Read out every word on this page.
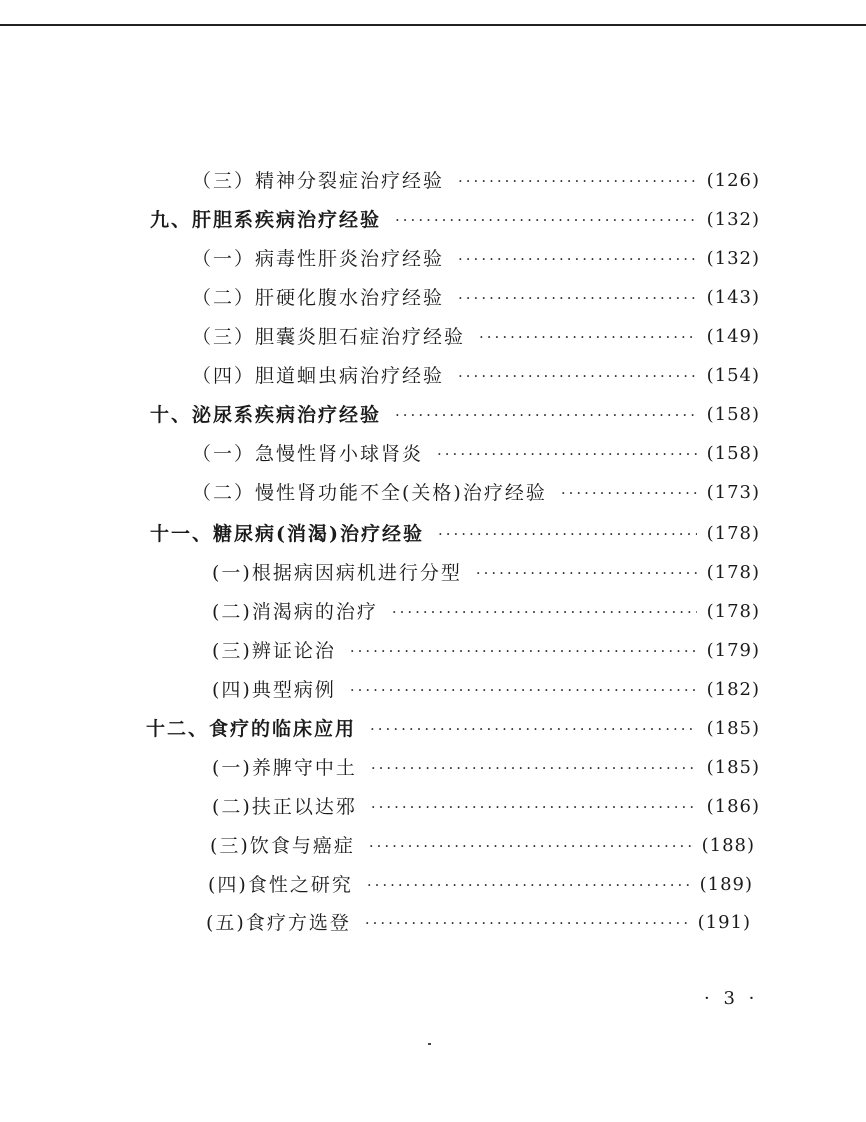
（三）精神分裂症治疗经验 ·····	(126)
九、肝胆系疾病治疗经验 ·····	(132)
（一）病毒性肝炎治疗经验 ·····	(132)
（二）肝硬化腹水治疗经验 ·····	(143)
（三）胆囊炎胆石症治疗经验 ·····	(149)
（四）胆道蛔虫病治疗经验 ·····	(154)
十、泌尿系疾病治疗经验 ·····	(158)
（一）急慢性肾小球肾炎 ·····	(158)
（二）慢性肾功能不全(关格)治疗经验 ·····	(173)
十一、糖尿病(消渴)治疗经验 ·····	(178)
(一)根据病因病机进行分型 ·····	(178)
(二)消渴病的治疗 ·····	(178)
(三)辨证论治 ·····	(179)
(四)典型病例 ·····	(182)
十二、食疗的临床应用 ·····	(185)
(一)养脾守中土 ·····	(185)
(二)扶正以达邪 ·····	(186)
(三)饮食与癌症 ·····	(188)
(四)食性之研究 ·····	(189)
(五)食疗方选登 ·····	(191)
· 3 ·
